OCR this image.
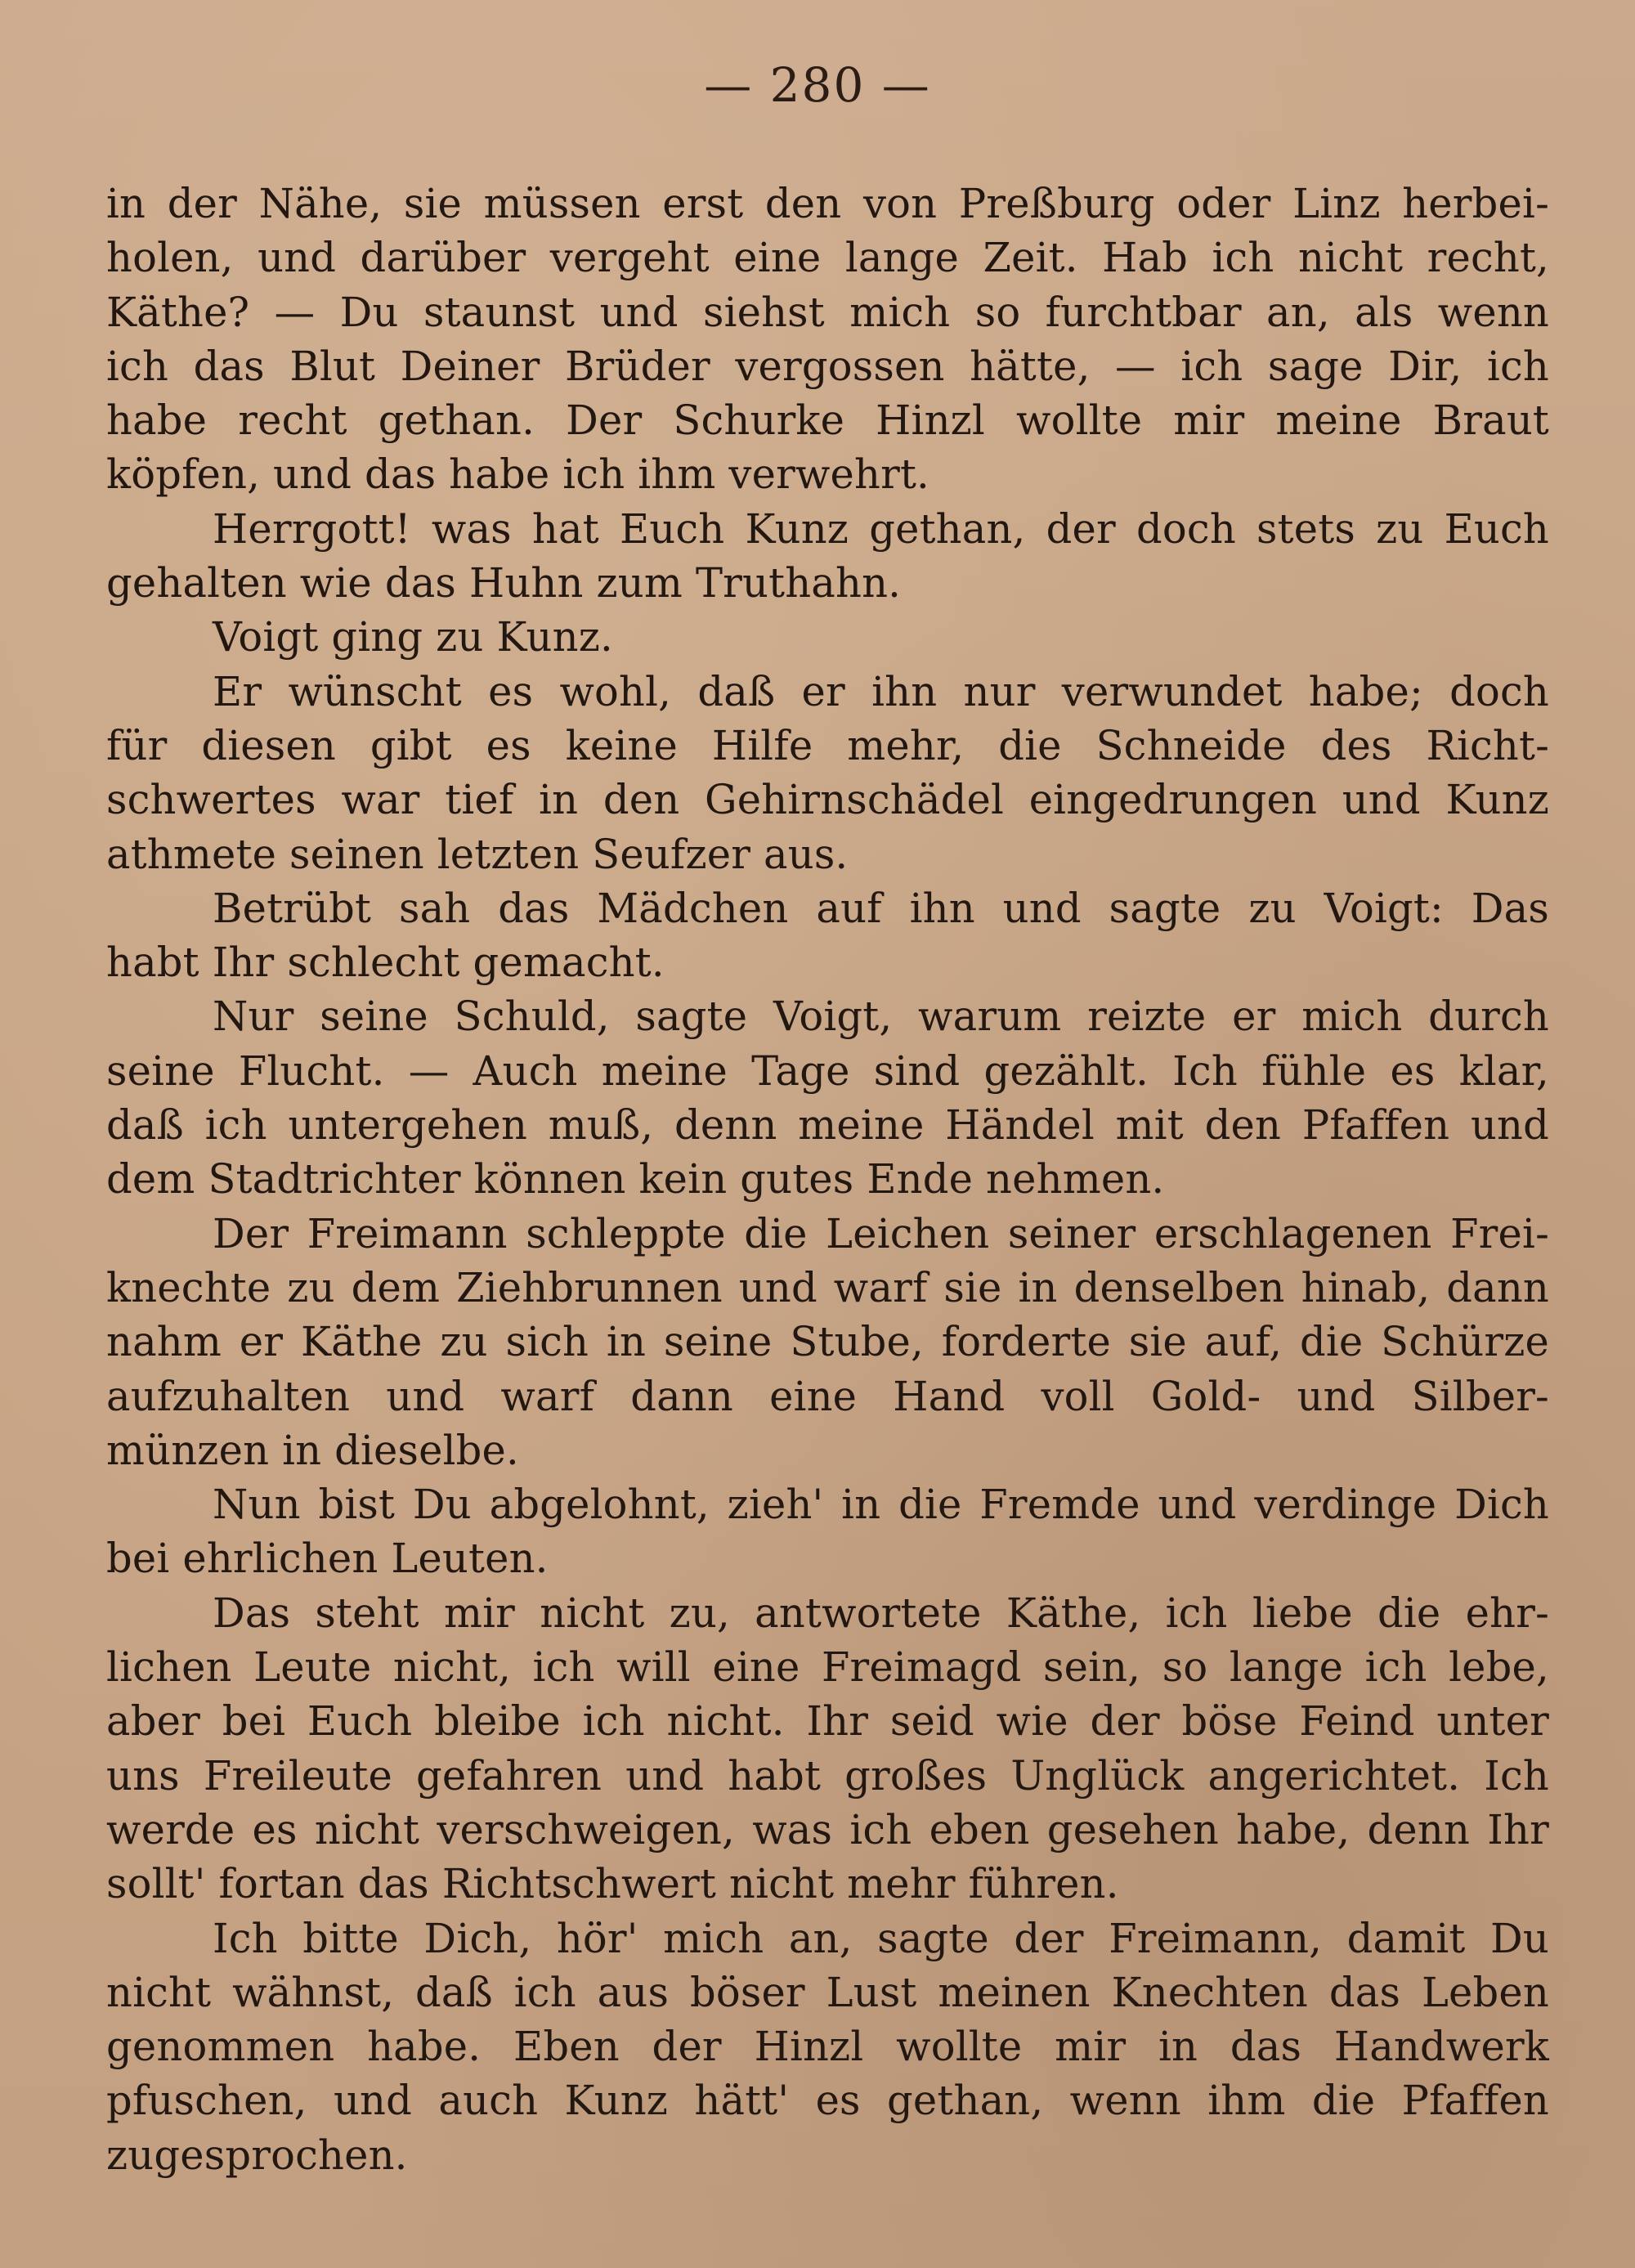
— 280 —
in der Nähe, sie müssen erst den von Preßburg oder Linz herbei-
holen, und darüber vergeht eine lange Zeit. Hab ich nicht recht,
Käthe? — Du staunst und siehst mich so furchtbar an, als wenn
ich das Blut Deiner Brüder vergossen hätte, — ich sage Dir, ich
habe recht gethan. Der Schurke Hinzl wollte mir meine Braut
köpfen, und das habe ich ihm verwehrt.
Herrgott! was hat Euch Kunz gethan, der doch stets zu Euch
gehalten wie das Huhn zum Truthahn.
Voigt ging zu Kunz.
Er wünscht es wohl, daß er ihn nur verwundet habe; doch
für diesen gibt es keine Hilfe mehr, die Schneide des Richt-
schwertes war tief in den Gehirnschädel eingedrungen und Kunz
athmete seinen letzten Seufzer aus.
Betrübt sah das Mädchen auf ihn und sagte zu Voigt: Das
habt Ihr schlecht gemacht.
Nur seine Schuld, sagte Voigt, warum reizte er mich durch
seine Flucht. — Auch meine Tage sind gezählt. Ich fühle es klar,
daß ich untergehen muß, denn meine Händel mit den Pfaffen und
dem Stadtrichter können kein gutes Ende nehmen.
Der Freimann schleppte die Leichen seiner erschlagenen Frei-
knechte zu dem Ziehbrunnen und warf sie in denselben hinab, dann
nahm er Käthe zu sich in seine Stube, forderte sie auf, die Schürze
aufzuhalten und warf dann eine Hand voll Gold- und Silber-
münzen in dieselbe.
Nun bist Du abgelohnt, zieh' in die Fremde und verdinge Dich
bei ehrlichen Leuten.
Das steht mir nicht zu, antwortete Käthe, ich liebe die ehr-
lichen Leute nicht, ich will eine Freimagd sein, so lange ich lebe,
aber bei Euch bleibe ich nicht. Ihr seid wie der böse Feind unter
uns Freileute gefahren und habt großes Unglück angerichtet. Ich
werde es nicht verschweigen, was ich eben gesehen habe, denn Ihr
sollt' fortan das Richtschwert nicht mehr führen.
Ich bitte Dich, hör' mich an, sagte der Freimann, damit Du
nicht wähnst, daß ich aus böser Lust meinen Knechten das Leben
genommen habe. Eben der Hinzl wollte mir in das Handwerk
pfuschen, und auch Kunz hätt' es gethan, wenn ihm die Pfaffen
zugesprochen.
